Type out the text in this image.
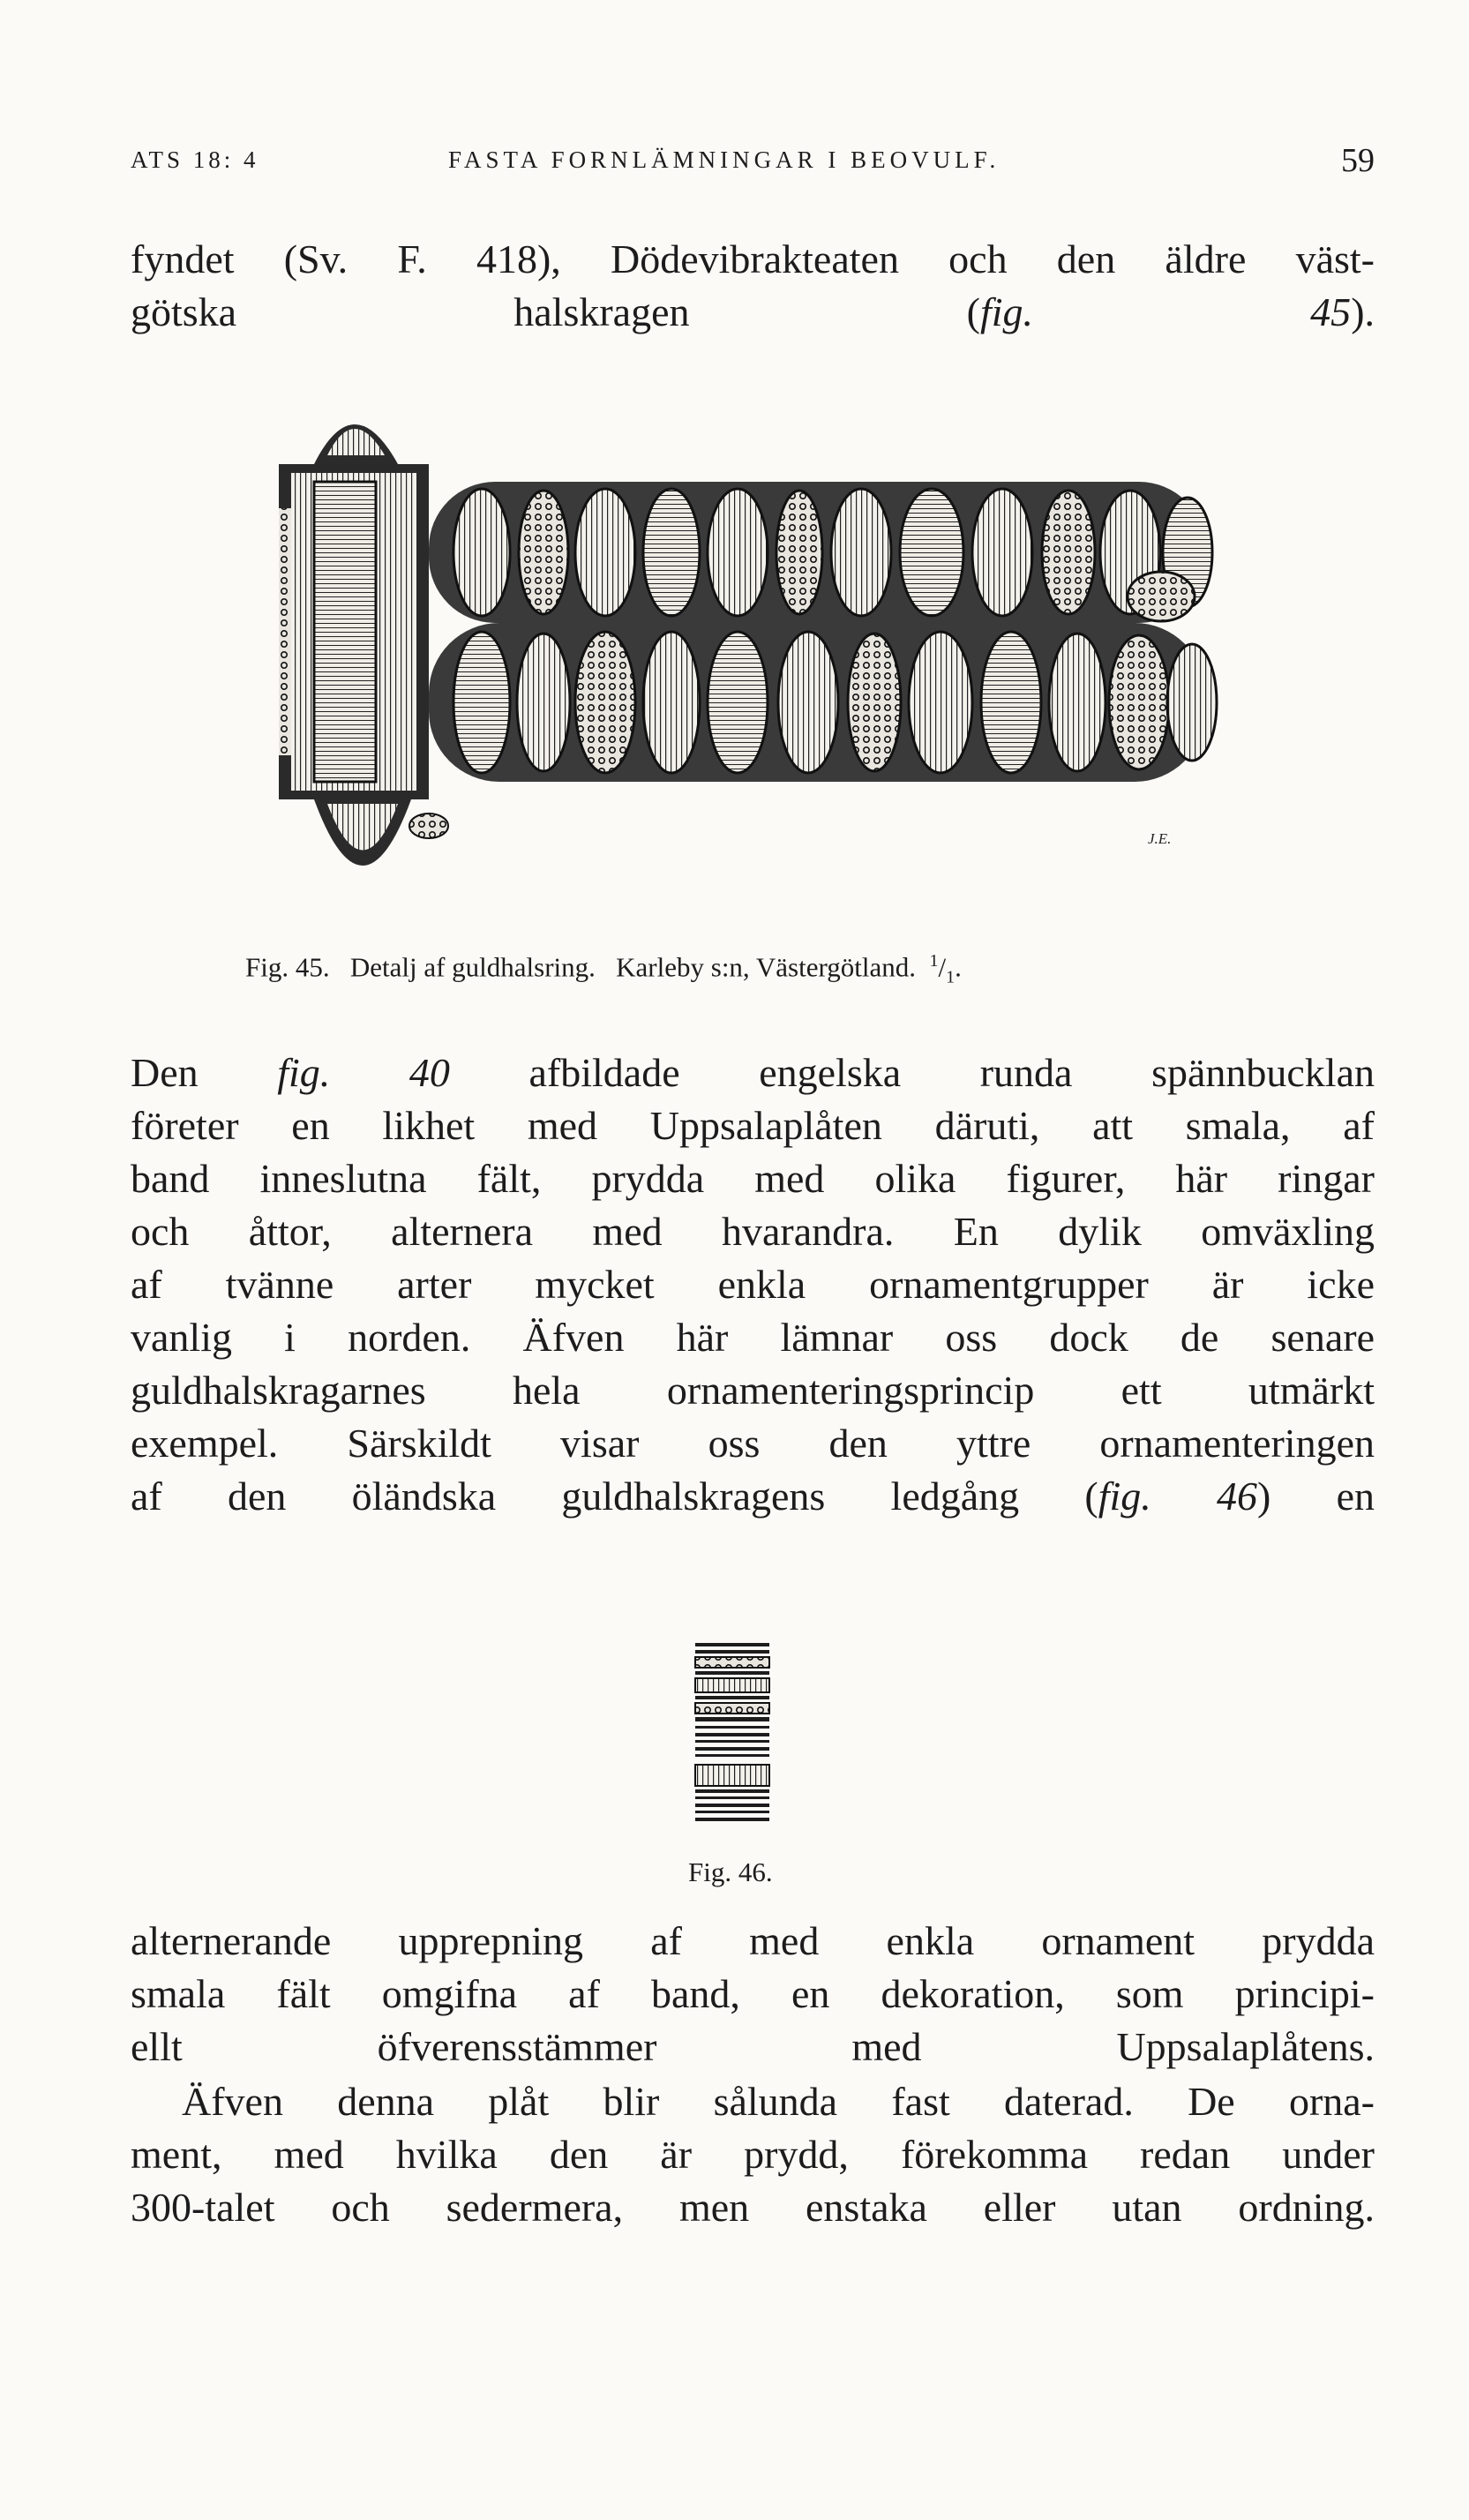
ATS 18: 4	FASTA FORNLÄMNINGAR I BEOVULF.	59
fyndet (Sv. F. 418), Dödevibrakteaten och den äldre väst-
götska halskragen (fig. 45).
J.E.
Fig. 45.   Detalj af guldhalsring.   Karleby s:n, Västergötland.  $^1/_1$.
Den fig. 40 afbildade engelska runda spännbucklan
företer en likhet med Uppsalaplåten däruti, att smala, af
band inneslutna fält, prydda med olika figurer, här ringar
och åttor, alternera med hvarandra. En dylik omväxling
af tvänne arter mycket enkla ornamentgrupper är icke
vanlig i norden. Äfven här lämnar oss dock de senare
guldhalskragarnes hela ornamenteringsprincip ett utmärkt
exempel. Särskildt visar oss den yttre ornamenteringen
af den öländska guldhalskragens ledgång (fig. 46) en
Fig. 46.
alternerande upprepning af med enkla ornament prydda
smala fält omgifna af band, en dekoration, som principi-
ellt öfverensstämmer med Uppsalaplåtens.
Äfven denna plåt blir sålunda fast daterad. De orna-
ment, med hvilka den är prydd, förekomma redan under
300-talet och sedermera, men enstaka eller utan ordning.
